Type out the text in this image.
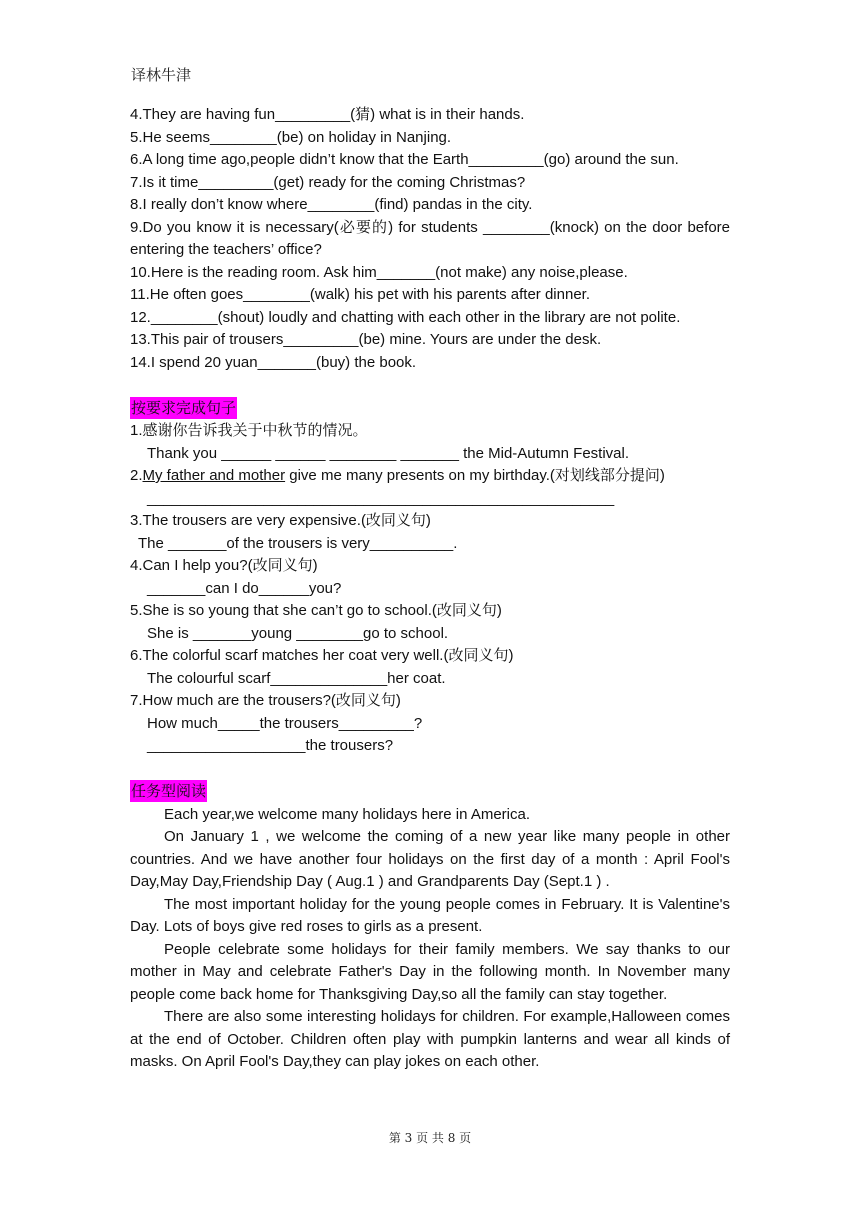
译林牛津
4.They are having fun_________(猜) what is in their hands.
5.He seems________(be) on holiday in Nanjing.
6.A long time ago,people didn’t know that the Earth_________(go) around the sun.
7.Is it time_________(get) ready for the coming Christmas?
8.I really don’t know where________(find) pandas in the city.
9.Do you know it is necessary(必要的) for students ________(knock) on the door before entering the teachers’ office?
10.Here is the reading room. Ask him_______(not make) any noise,please.
11.He often goes________(walk) his pet with his parents after dinner.
12.________(shout) loudly and chatting with each other in the library are not polite.
13.This pair of trousers_________(be) mine. Yours are under the desk.
14.I spend 20 yuan_______(buy) the book.
按要求完成句子
1.感谢你告诉我关于中秋节的情况。
Thank you ______ ______ ________ _______ the Mid-Autumn Festival.
2.My father and mother give me many presents on my birthday.(对划线部分提问)
________________________________________________________
3.The trousers are very expensive.(改同义句)
The _______of the trousers is very__________.
4.Can I help you?(改同义句)
_______can I do______you?
5.She is so young that she can’t go to school.(改同义句)
She is _______young ________go to school.
6.The colorful scarf matches her coat very well.(改同义句)
The colourful scarf______________her coat.
7.How much are the trousers?(改同义句)
How much_____the trousers_________?
___________________the trousers?
任务型阅读
Each year,we welcome many holidays here in America.
On January 1 , we welcome the coming of a new year like many people in other countries. And we have another four holidays on the first day of a month : April Fool's Day,May Day,Friendship Day ( Aug.1 ) and Grandparents Day (Sept.1 ) .
The most important holiday for the young people comes in February. It is Valentine's Day. Lots of boys give red roses to girls as a present.
People celebrate some holidays for their family members. We say thanks to our mother in May and celebrate Father's Day in the following month. In November many people come back home for Thanksgiving Day,so all the family can stay together.
There are also some interesting holidays for children. For example,Halloween comes at the end of October. Children often play with pumpkin lanterns and wear all kinds of masks. On April Fool's Day,they can play jokes on each other.
第 3 页 共 8 页
